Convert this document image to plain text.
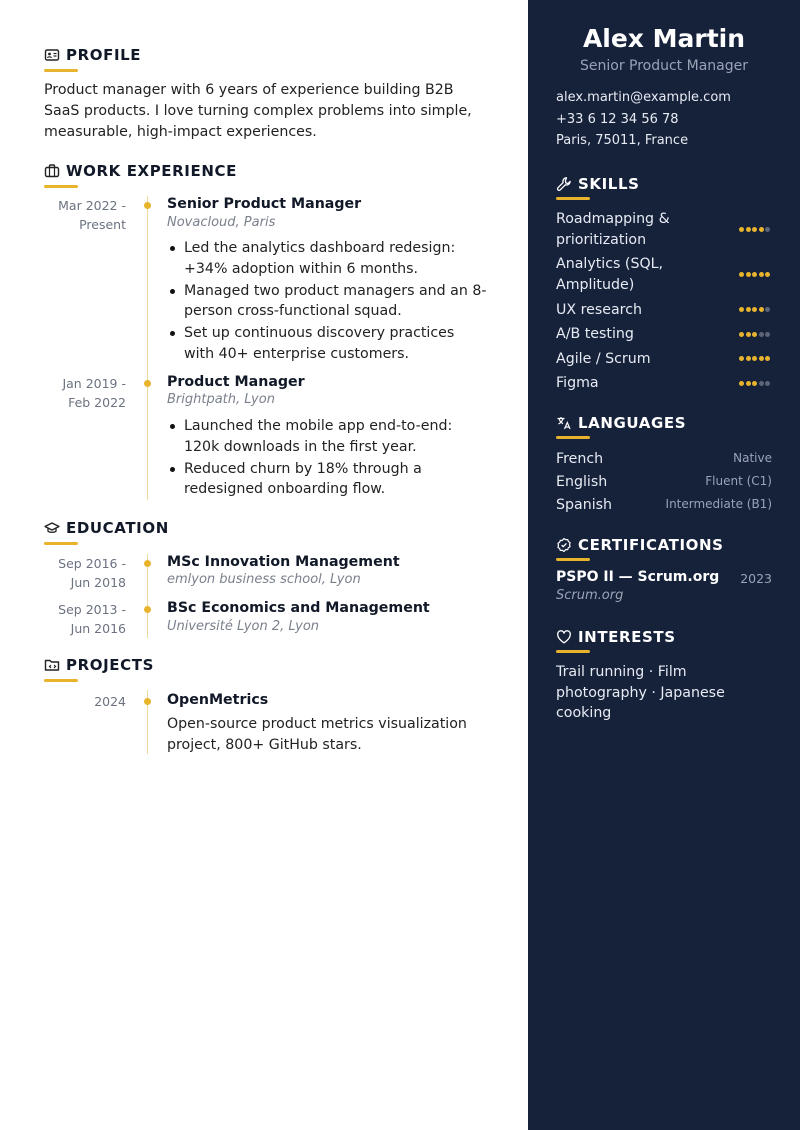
PROFILE
Product manager with 6 years of experience building B2B SaaS products. I love turning complex problems into simple, measurable, high-impact experiences.
WORK EXPERIENCE
Mar 2022 - Present
Senior Product Manager
Novacloud, Paris
Led the analytics dashboard redesign: +34% adoption within 6 months.
Managed two product managers and an 8-person cross-functional squad.
Set up continuous discovery practices with 40+ enterprise customers.
Jan 2019 - Feb 2022
Product Manager
Brightpath, Lyon
Launched the mobile app end-to-end: 120k downloads in the first year.
Reduced churn by 18% through a redesigned onboarding flow.
EDUCATION
Sep 2016 - Jun 2018
MSc Innovation Management
emlyon business school, Lyon
Sep 2013 - Jun 2016
BSc Economics and Management
Université Lyon 2, Lyon
PROJECTS
2024	OpenMetrics
Open-source product metrics visualization project, 800+ GitHub stars.
Alex Martin
Senior Product Manager
alex.martin@example.com
+33 6 12 34 56 78
Paris, 75011, France
SKILLS
Roadmapping & prioritization
Analytics (SQL, Amplitude)
UX research
A/B testing
Agile / Scrum
Figma
LANGUAGES
French	Native
English	Fluent (C1)
Spanish	Intermediate (B1)
CERTIFICATIONS
PSPO II — Scrum.org 2023
Scrum.org
INTERESTS
Trail running · Film photography · Japanese cooking
